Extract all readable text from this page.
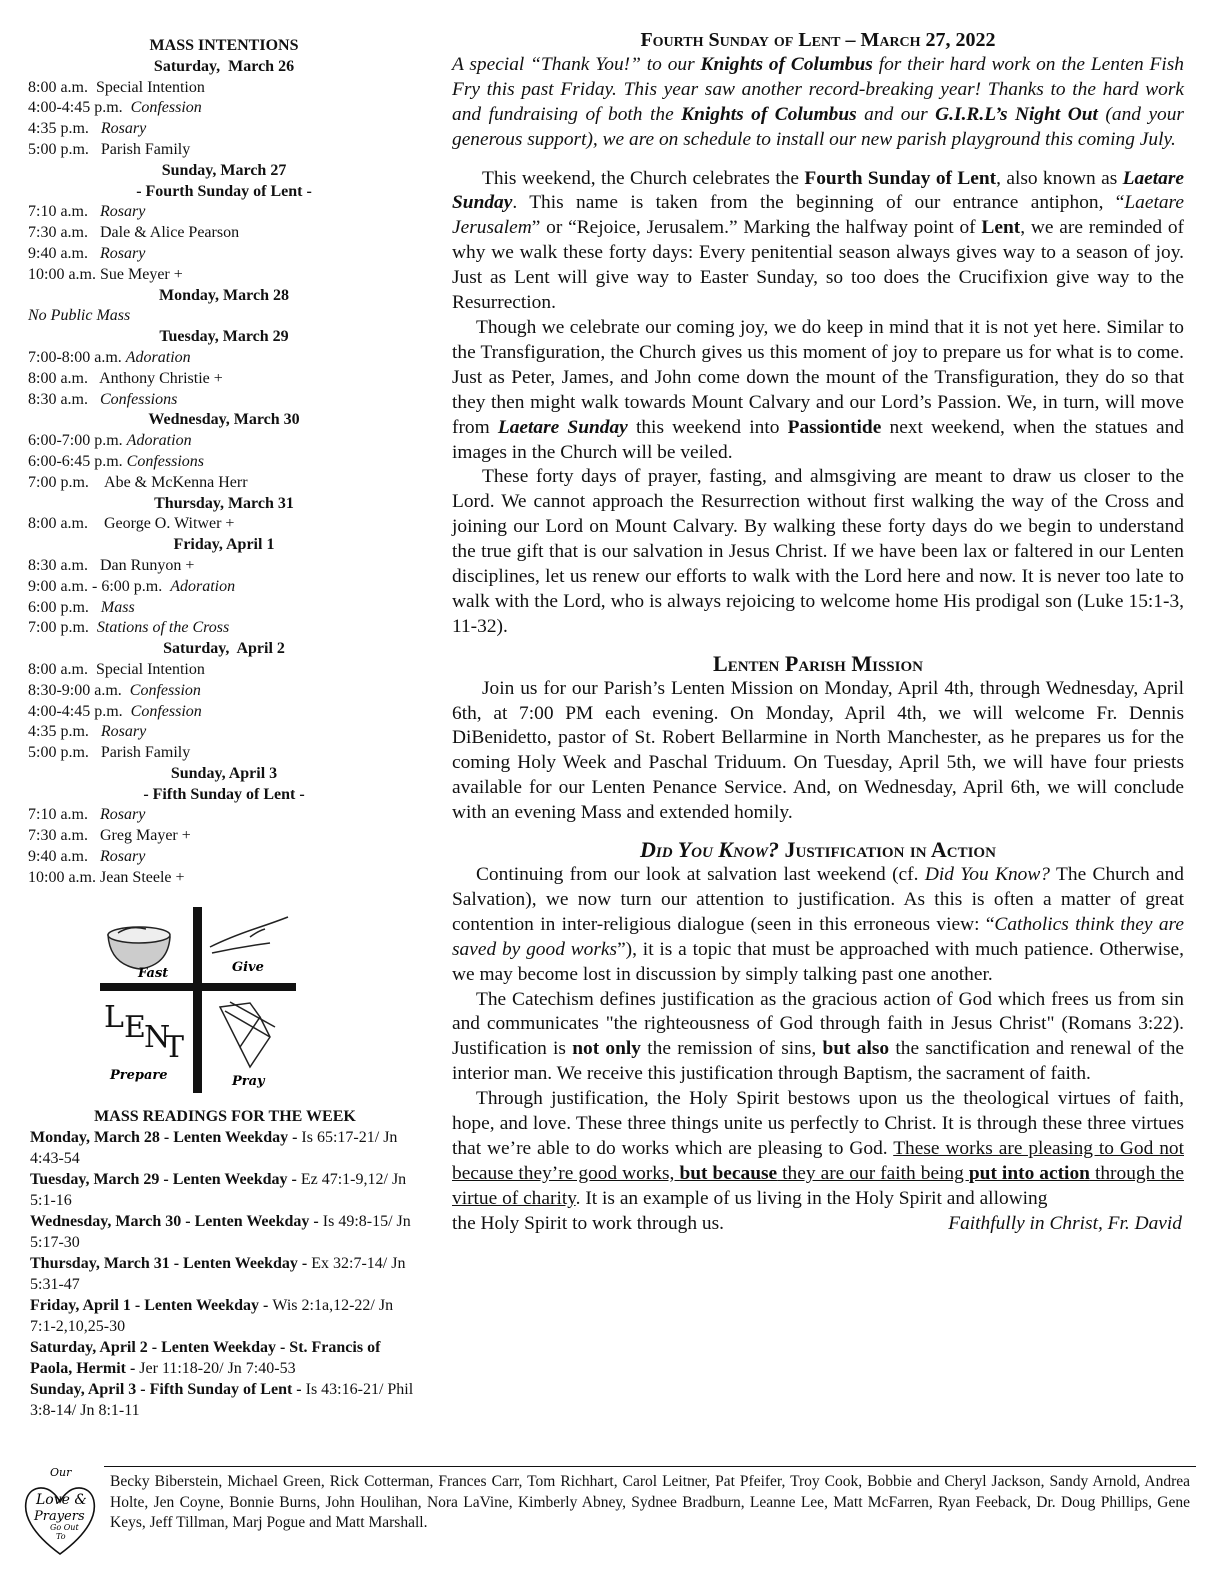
MASS INTENTIONS
Saturday,  March 26
8:00 a.m.  Special Intention
4:00-4:45 p.m.  Confession
4:35 p.m.   Rosary
5:00 p.m.   Parish Family
Sunday, March 27
- Fourth Sunday of Lent -
7:10 a.m.   Rosary
7:30 a.m.   Dale & Alice Pearson
9:40 a.m.   Rosary
10:00 a.m. Sue Meyer +
Monday, March 28
No Public Mass
Tuesday, March 29
7:00-8:00 a.m. Adoration
8:00 a.m.   Anthony Christie +
8:30 a.m.   Confessions
Wednesday, March 30
6:00-7:00 p.m. Adoration
6:00-6:45 p.m. Confessions
7:00 p.m.    Abe & McKenna Herr
Thursday, March 31
8:00 a.m.    George O. Witwer +
Friday, April 1
8:30 a.m.   Dan Runyon +
9:00 a.m. - 6:00 p.m.  Adoration
6:00 p.m.   Mass
7:00 p.m.  Stations of the Cross
Saturday,  April 2
8:00 a.m.  Special Intention
8:30-9:00 a.m.  Confession
4:00-4:45 p.m.  Confession
4:35 p.m.   Rosary
5:00 p.m.   Parish Family
Sunday, April 3
- Fifth Sunday of Lent -
7:10 a.m.   Rosary
7:30 a.m.   Greg Mayer +
9:40 a.m.   Rosary
10:00 a.m. Jean Steele +
Fast	Give
L E
N
T
Prepare	Pray
MASS READINGS FOR THE WEEK
Monday, March 28 - Lenten Weekday - Is 65:17-21/ Jn 4:43-54
Tuesday, March 29 - Lenten Weekday - Ez 47:1-9,12/ Jn 5:1-16
Wednesday, March 30 - Lenten Weekday - Is 49:8-15/ Jn 5:17-30
Thursday, March 31 - Lenten Weekday - Ex 32:7-14/ Jn 5:31-47
Friday, April 1 - Lenten Weekday - Wis 2:1a,12-22/ Jn 7:1-2,10,25-30
Saturday, April 2 - Lenten Weekday - St. Francis of Paola, Hermit - Jer 11:18-20/ Jn 7:40-53
Sunday, April 3 - Fifth Sunday of Lent - Is 43:16-21/ Phil 3:8-14/ Jn 8:1-11
Fourth Sunday of Lent – March 27, 2022

A special “Thank You!” to our Knights of Columbus for their hard work on the Lenten Fish Fry this past Friday. This year saw another record-breaking year! Thanks to the hard work and fundraising of both the Knights of Columbus and our G.I.R.L’s Night Out (and your generous support), we are on schedule to install our new parish playground this coming July.

This weekend, the Church celebrates the Fourth Sunday of Lent, also known as Laetare Sunday. This name is taken from the beginning of our entrance antiphon, “Laetare Jerusalem” or “Rejoice, Jerusalem.” Marking the halfway point of Lent, we are reminded of why we walk these forty days: Every penitential season always gives way to a season of joy. Just as Lent will give way to Easter Sunday, so too does the Crucifixion give way to the Resurrection.

Though we celebrate our coming joy, we do keep in mind that it is not yet here. Similar to the Transfiguration, the Church gives us this moment of joy to prepare us for what is to come. Just as Peter, James, and John come down the mount of the Transfiguration, they do so that they then might walk towards Mount Calvary and our Lord’s Passion. We, in turn, will move from Laetare Sunday this weekend into Passiontide next weekend, when the statues and images in the Church will be veiled.

These forty days of prayer, fasting, and almsgiving are meant to draw us closer to the Lord. We cannot approach the Resurrection without first walking the way of the Cross and joining our Lord on Mount Calvary. By walking these forty days do we begin to understand the true gift that is our salvation in Jesus Christ. If we have been lax or faltered in our Lenten disciplines, let us renew our efforts to walk with the Lord here and now. It is never too late to walk with the Lord, who is always rejoicing to welcome home His prodigal son (Luke 15:1-3, 11-32).

Lenten Parish Mission

Join us for our Parish’s Lenten Mission on Monday, April 4th, through Wednesday, April 6th, at 7:00 PM each evening. On Monday, April 4th, we will welcome Fr. Dennis DiBenidetto, pastor of St. Robert Bellarmine in North Manchester, as he prepares us for the coming Holy Week and Paschal Triduum. On Tuesday, April 5th, we will have four priests available for our Lenten Penance Service. And, on Wednesday, April 6th, we will conclude with an evening Mass and extended homily.

Did You Know? Justification in Action

Continuing from our look at salvation last weekend (cf. Did You Know? The Church and Salvation), we now turn our attention to justification. As this is often a matter of great contention in inter-religious dialogue (seen in this erroneous view: “Catholics think they are saved by good works”), it is a topic that must be approached with much patience. Otherwise, we may become lost in discussion by simply talking past one another.

The Catechism defines justification as the gracious action of God which frees us from sin and communicates "the righteousness of God through faith in Jesus Christ" (Romans 3:22). Justification is not only the remission of sins, but also the sanctification and renewal of the interior man. We receive this justification through Baptism, the sacrament of faith.

Through justification, the Holy Spirit bestows upon us the theological virtues of faith, hope, and love. These three things unite us perfectly to Christ. It is through these three virtues that we’re able to do works which are pleasing to God. These works are pleasing to God not because they’re good works, but because they are our faith being put into action through the virtue of charity. It is an example of us living in the Holy Spirit and allowing

the Holy Spirit to work through us.	Faithfully in Christ, Fr. David
Our
Love &
Prayers
Go Out
To
Becky Biberstein, Michael Green, Rick Cotterman, Frances Carr, Tom Richhart, Carol Leitner, Pat Pfeifer, Troy Cook, Bobbie and Cheryl Jackson, Sandy Arnold, Andrea Holte, Jen Coyne, Bonnie Burns, John Houlihan, Nora LaVine, Kimberly Abney, Sydnee Bradburn, Leanne Lee, Matt McFarren, Ryan Feeback, Dr. Doug Phillips, Gene Keys, Jeff Tillman, Marj Pogue and Matt Marshall.
